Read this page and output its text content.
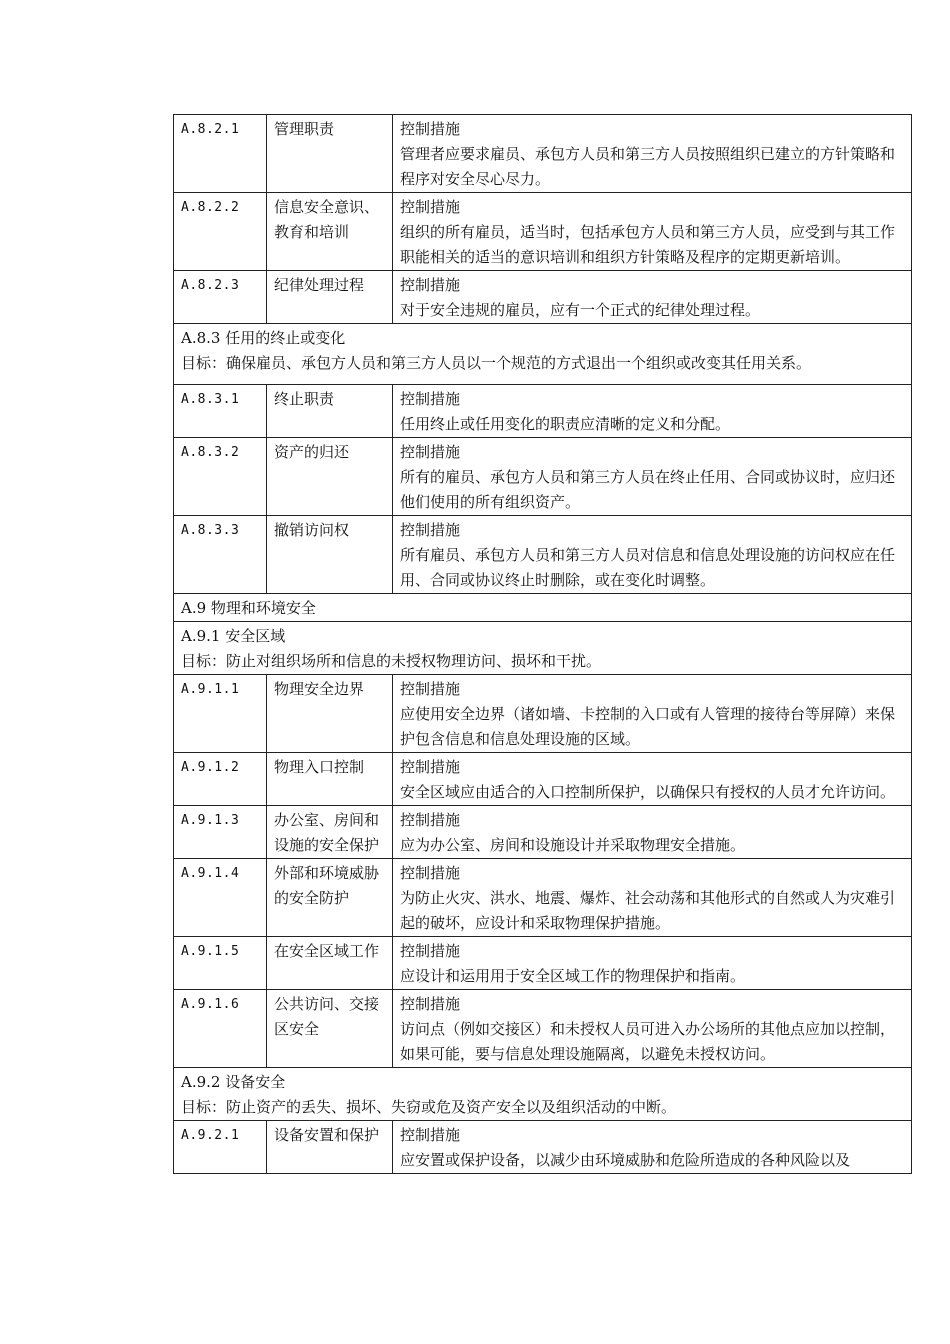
A.8.2.1	管理职责	控制措施
管理者应要求雇员、承包方人员和第三方人员按照组织已建立的方针策略和程序对安全尽心尽力。

A.8.2.2	信息安全意识、教育和培训	控制措施
组织的所有雇员，适当时，包括承包方人员和第三方人员，应受到与其工作职能相关的适当的意识培训和组织方针策略及程序的定期更新培训。

A.8.2.3	纪律处理过程	控制措施
对于安全违规的雇员，应有一个正式的纪律处理过程。

A.8.3 任用的终止或变化
目标：确保雇员、承包方人员和第三方人员以一个规范的方式退出一个组织或改变其任用关系。		

A.8.3.1	终止职责	控制措施
任用终止或任用变化的职责应清晰的定义和分配。

A.8.3.2	资产的归还	控制措施
所有的雇员、承包方人员和第三方人员在终止任用、合同或协议时，应归还他们使用的所有组织资产。

A.8.3.3	撤销访问权	控制措施
所有雇员、承包方人员和第三方人员对信息和信息处理设施的访问权应在任用、合同或协议终止时删除，或在变化时调整。

A.9 物理和环境安全		

A.9.1 安全区域
目标：防止对组织场所和信息的未授权物理访问、损坏和干扰。		

A.9.1.1	物理安全边界	控制措施
应使用安全边界（诸如墙、卡控制的入口或有人管理的接待台等屏障）来保护包含信息和信息处理设施的区域。

A.9.1.2	物理入口控制	控制措施
安全区域应由适合的入口控制所保护，以确保只有授权的人员才允许访问。

A.9.1.3	办公室、房间和设施的安全保护	控制措施
应为办公室、房间和设施设计并采取物理安全措施。

A.9.1.4	外部和环境威胁的安全防护	控制措施
为防止火灾、洪水、地震、爆炸、社会动荡和其他形式的自然或人为灾难引起的破坏，应设计和采取物理保护措施。

A.9.1.5	在安全区域工作	控制措施
应设计和运用用于安全区域工作的物理保护和指南。

A.9.1.6	公共访问、交接区安全	控制措施
访问点（例如交接区）和未授权人员可进入办公场所的其他点应加以控制，如果可能，要与信息处理设施隔离，以避免未授权访问。

A.9.2 设备安全
目标：防止资产的丢失、损坏、失窃或危及资产安全以及组织活动的中断。		

A.9.2.1	设备安置和保护	控制措施
应安置或保护设备，以减少由环境威胁和危险所造成的各种风险以及
